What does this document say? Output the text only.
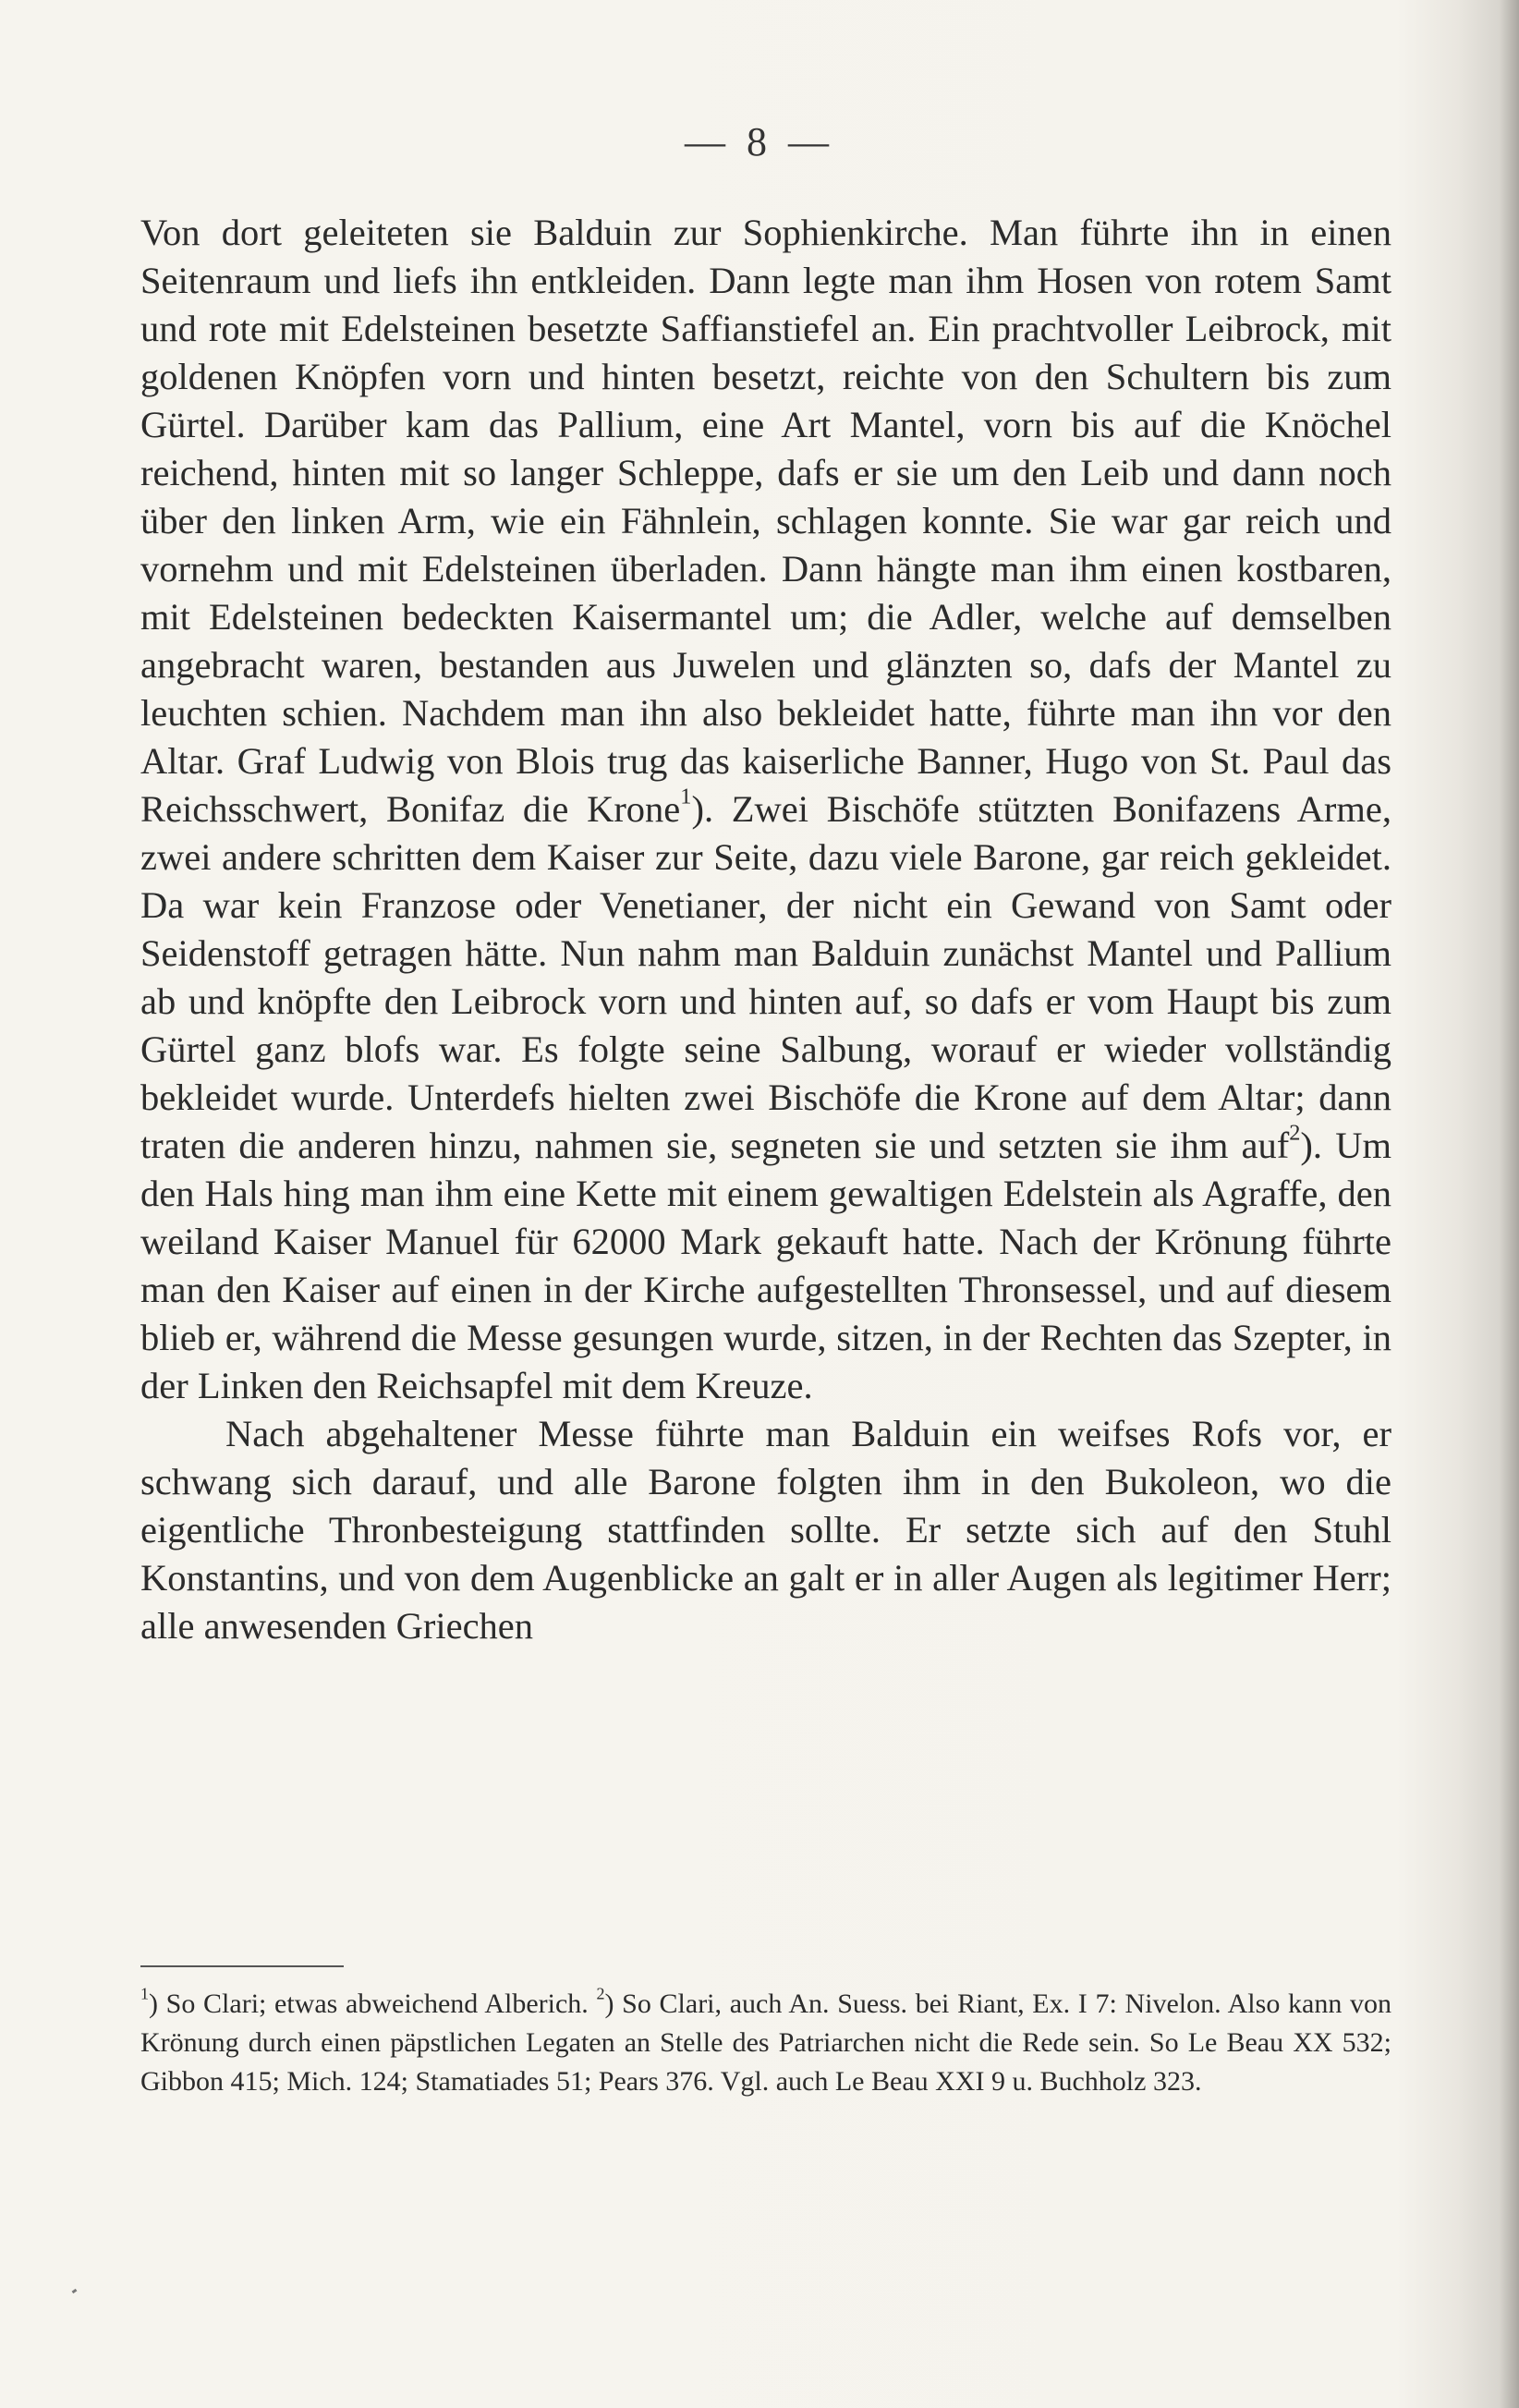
— 8 —

Von dort geleiteten sie Balduin zur Sophienkirche. Man führte ihn in einen Seitenraum und liefs ihn entkleiden. Dann legte man ihm Hosen von rotem Samt und rote mit Edelsteinen besetzte Saffianstiefel an. Ein prachtvoller Leibrock, mit goldenen Knöpfen vorn und hinten besetzt, reichte von den Schultern bis zum Gürtel. Darüber kam das Pallium, eine Art Mantel, vorn bis auf die Knöchel reichend, hinten mit so langer Schleppe, dafs er sie um den Leib und dann noch über den linken Arm, wie ein Fähnlein, schlagen konnte. Sie war gar reich und vornehm und mit Edelsteinen überladen. Dann hängte man ihm einen kostbaren, mit Edelsteinen bedeckten Kaisermantel um; die Adler, welche auf demselben angebracht waren, bestanden aus Juwelen und glänzten so, dafs der Mantel zu leuchten schien. Nachdem man ihn also bekleidet hatte, führte man ihn vor den Altar. Graf Ludwig von Blois trug das kaiserliche Banner, Hugo von St. Paul das Reichsschwert, Bonifaz die Krone$^1$). Zwei Bischöfe stützten Bonifazens Arme, zwei andere schritten dem Kaiser zur Seite, dazu viele Barone, gar reich gekleidet. Da war kein Franzose oder Venetianer, der nicht ein Gewand von Samt oder Seidenstoff getragen hätte. Nun nahm man Balduin zunächst Mantel und Pallium ab und knöpfte den Leibrock vorn und hinten auf, so dafs er vom Haupt bis zum Gürtel ganz blofs war. Es folgte seine Salbung, worauf er wieder vollständig bekleidet wurde. Unterdefs hielten zwei Bischöfe die Krone auf dem Altar; dann traten die anderen hinzu, nahmen sie, segneten sie und setzten sie ihm auf$^2$). Um den Hals hing man ihm eine Kette mit einem gewaltigen Edelstein als Agraffe, den weiland Kaiser Manuel für 62000 Mark gekauft hatte. Nach der Krönung führte man den Kaiser auf einen in der Kirche aufgestellten Thronsessel, und auf diesem blieb er, während die Messe gesungen wurde, sitzen, in der Rechten das Szepter, in der Linken den Reichsapfel mit dem Kreuze.

Nach abgehaltener Messe führte man Balduin ein weifses Rofs vor, er schwang sich darauf, und alle Barone folgten ihm in den Bukoleon, wo die eigentliche Thronbesteigung stattfinden sollte. Er setzte sich auf den Stuhl Konstantins, und von dem Augenblicke an galt er in aller Augen als legitimer Herr; alle anwesenden Griechen

$^1$) So Clari; etwas abweichend Alberich. $^2$) So Clari, auch An. Suess. bei Riant, Ex. I 7: Nivelon. Also kann von Krönung durch einen päpstlichen Legaten an Stelle des Patriarchen nicht die Rede sein. So Le Beau XX 532; Gibbon 415; Mich. 124; Stamatiades 51; Pears 376. Vgl. auch Le Beau XXI 9 u. Buchholz 323.
